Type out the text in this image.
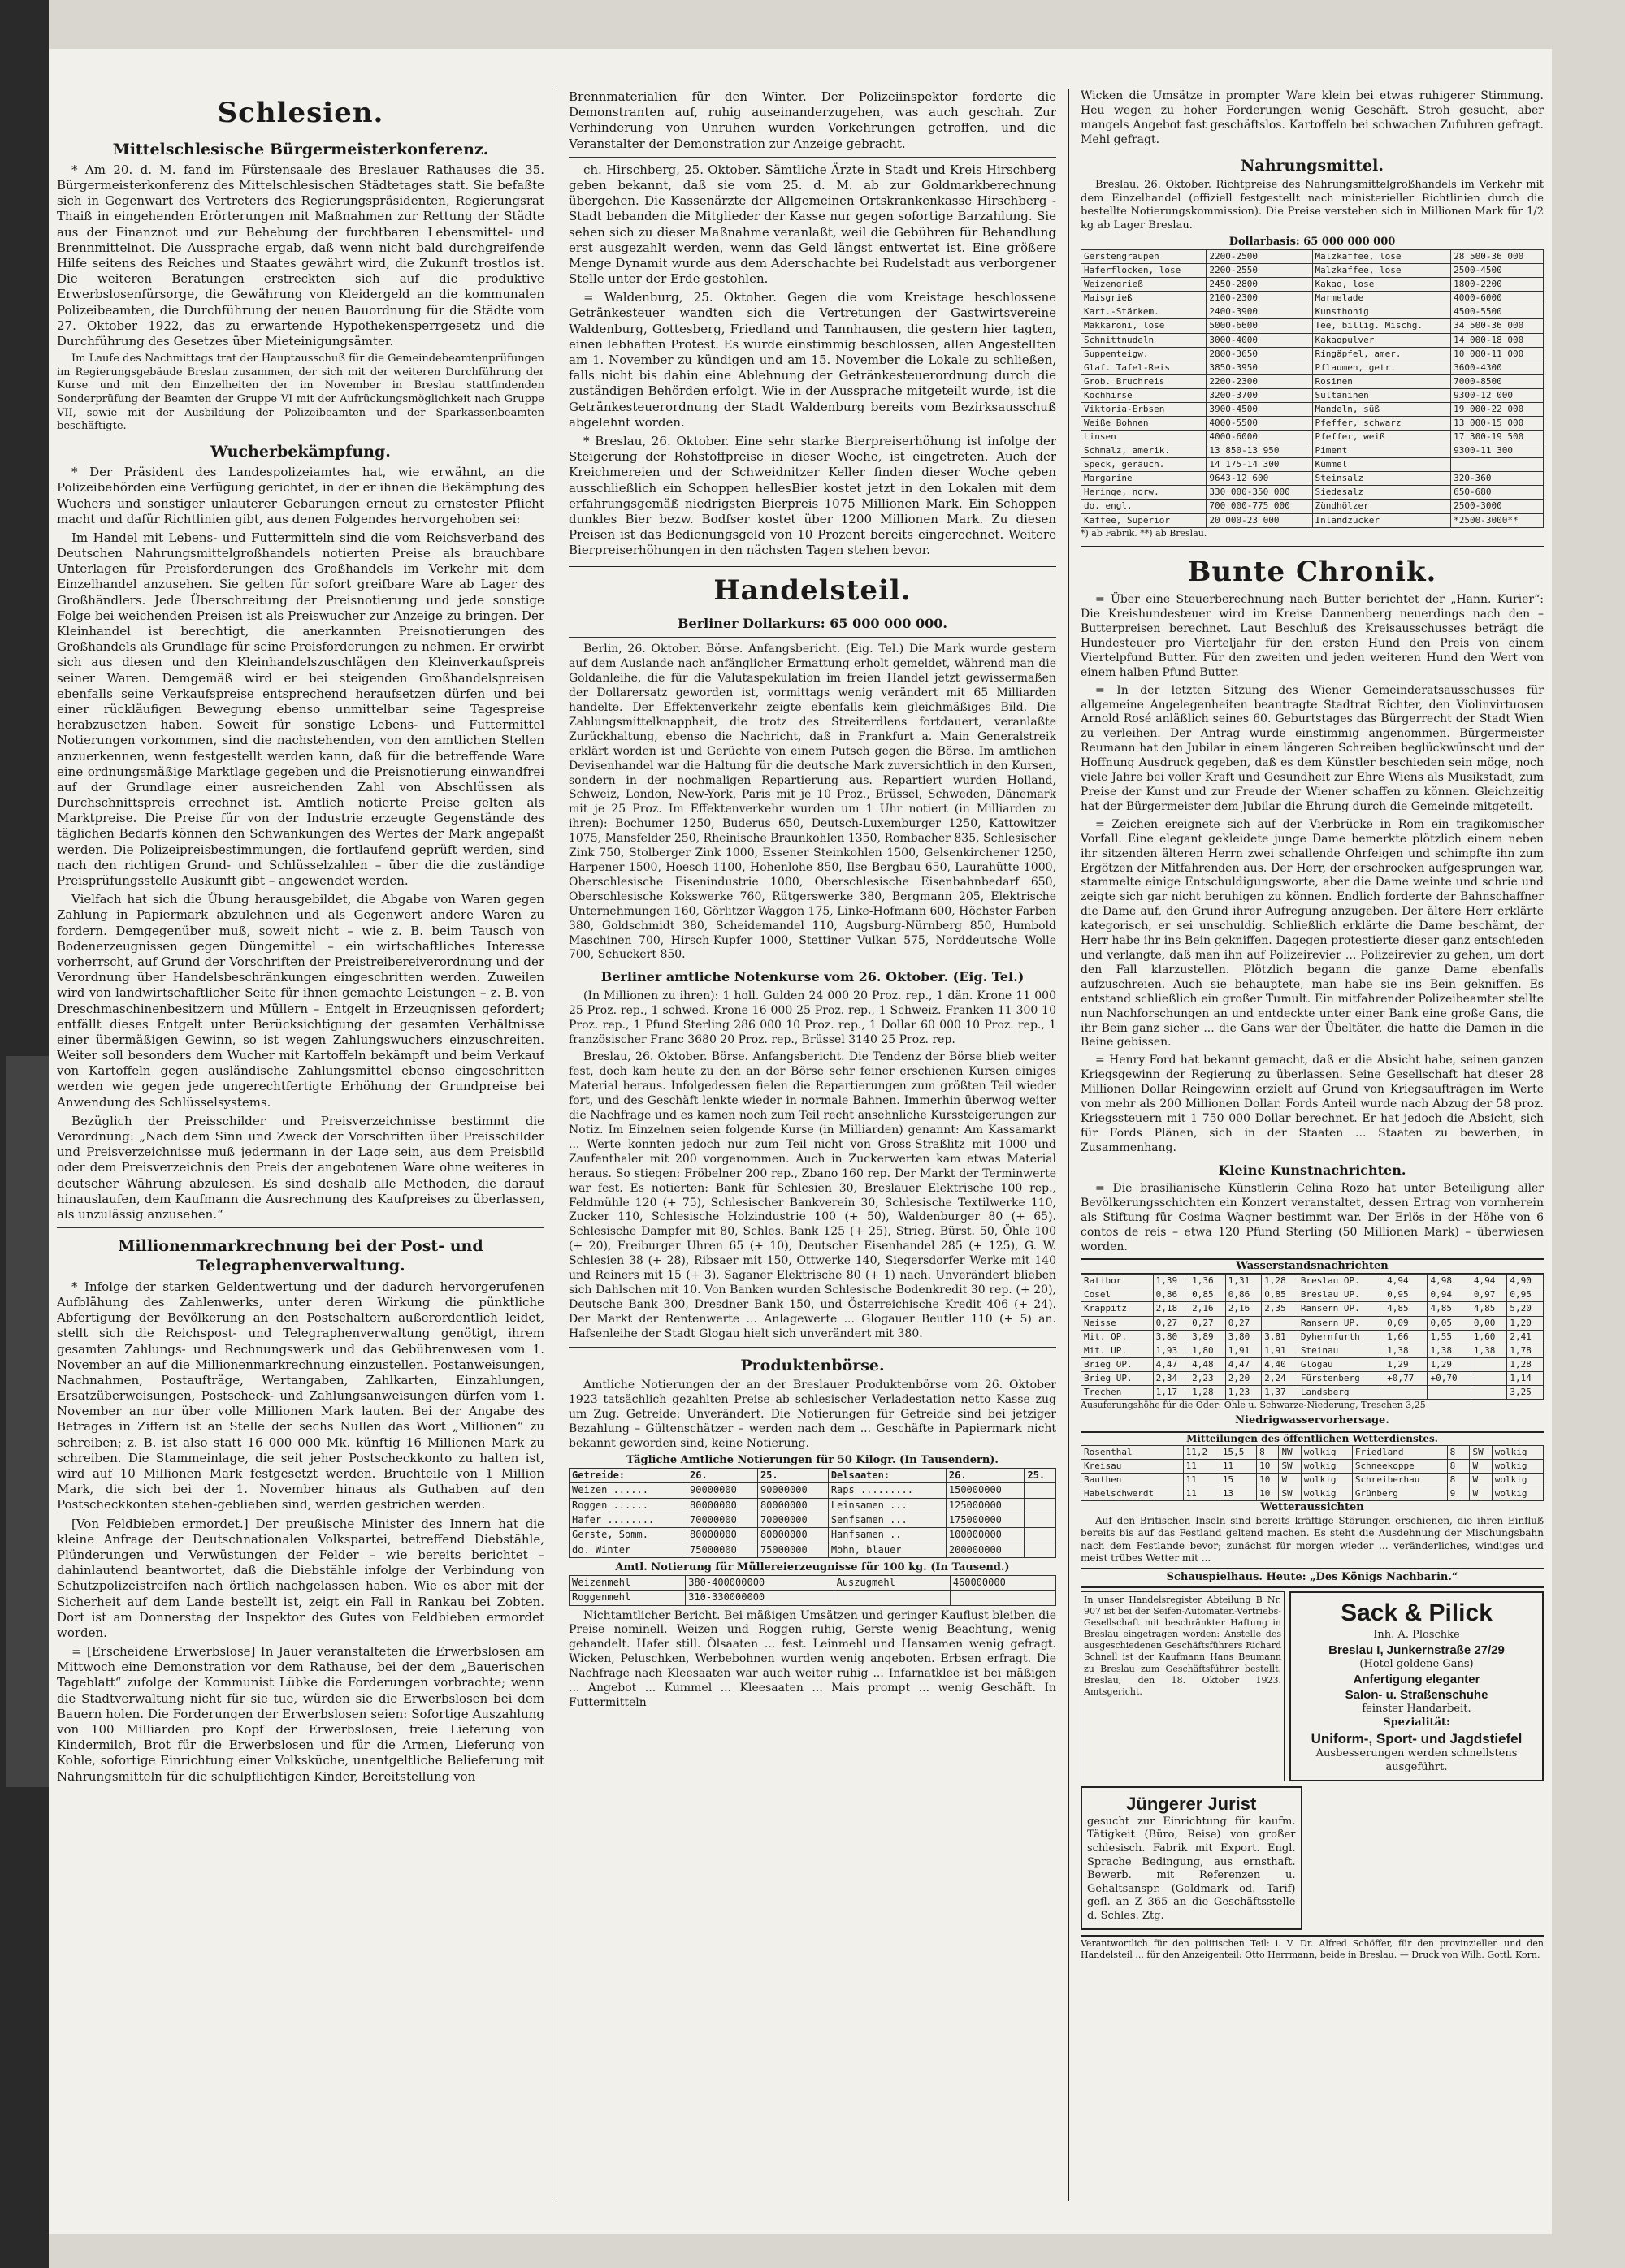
Schlesien.
Mittelschlesische Bürgermeisterkonferenz.

* Am 20. d. M. fand im Fürstensaale des Breslauer Rathauses die 35. Bürgermeisterkonferenz des Mittelschlesischen Städtetages statt. Sie befaßte sich in Gegenwart des Vertreters des Regierungspräsidenten, Regierungsrat Thaiß in eingehenden Erörterungen mit Maßnahmen zur Rettung der Städte aus der Finanznot und zur Behebung der furchtbaren Lebensmittel- und Brennmittelnot. Die Aussprache ergab, daß wenn nicht bald durchgreifende Hilfe seitens des Reiches und Staates gewährt wird, die Zukunft trostlos ist. Die weiteren Beratungen erstreckten sich auf die produktive Erwerbslosenfürsorge, die Gewährung von Kleidergeld an die kommunalen Polizeibeamten, die Durchführung der neuen Bauordnung für die Städte vom 27. Oktober 1922, das zu erwartende Hypothekensperrgesetz und die Durchführung des Gesetzes über Mieteinigungsämter.

Im Laufe des Nachmittags trat der Hauptausschuß für die Gemeindebeamtenprüfungen im Regierungsgebäude Breslau zusammen, der sich mit der weiteren Durchführung der Kurse und mit den Einzelheiten der im November in Breslau stattfindenden Sonderprüfung der Beamten der Gruppe VI mit der Aufrückungsmöglichkeit nach Gruppe VII, sowie mit der Ausbildung der Polizeibeamten und der Sparkassenbeamten beschäftigte.

Wucherbekämpfung.

* Der Präsident des Landespolizeiamtes hat, wie erwähnt, an die Polizeibehörden eine Verfügung gerichtet, in der er ihnen die Bekämpfung des Wuchers und sonstiger unlauterer Gebarungen erneut zu ernstester Pflicht macht und dafür Richtlinien gibt, aus denen Folgendes hervorgehoben sei:

Im Handel mit Lebens- und Futtermitteln sind die vom Reichsverband des Deutschen Nahrungsmittelgroßhandels notierten Preise als brauchbare Unterlagen für Preisforderungen des Großhandels im Verkehr mit dem Einzelhandel anzusehen. Sie gelten für sofort greifbare Ware ab Lager des Großhändlers. Jede Überschreitung der Preisnotierung und jede sonstige Folge bei weichenden Preisen ist als Preiswucher zur Anzeige zu bringen. Der Kleinhandel ist berechtigt, die anerkannten Preisnotierungen des Großhandels als Grundlage für seine Preisforderungen zu nehmen. Er erwirbt sich aus diesen und den Kleinhandelszuschlägen den Kleinverkaufspreis seiner Waren. Demgemäß wird er bei steigenden Großhandelspreisen ebenfalls seine Verkaufspreise entsprechend heraufsetzen dürfen und bei einer rückläufigen Bewegung ebenso unmittelbar seine Tagespreise herabzusetzen haben. Soweit für sonstige Lebens- und Futtermittel Notierungen vorkommen, sind die nachstehenden, von den amtlichen Stellen anzuerkennen, wenn festgestellt werden kann, daß für die betreffende Ware eine ordnungsmäßige Marktlage gegeben und die Preisnotierung einwandfrei auf der Grundlage einer ausreichenden Zahl von Abschlüssen als Durchschnittspreis errechnet ist. Amtlich notierte Preise gelten als Marktpreise. Die Preise für von der Industrie erzeugte Gegenstände des täglichen Bedarfs können den Schwankungen des Wertes der Mark angepaßt werden. Die Polizeipreisbestimmungen, die fortlaufend geprüft werden, sind nach den richtigen Grund- und Schlüsselzahlen – über die die zuständige Preisprüfungsstelle Auskunft gibt – angewendet werden.

Vielfach hat sich die Übung herausgebildet, die Abgabe von Waren gegen Zahlung in Papiermark abzulehnen und als Gegenwert andere Waren zu fordern. Demgegenüber muß, soweit nicht – wie z. B. beim Tausch von Bodenerzeugnissen gegen Düngemittel – ein wirtschaftliches Interesse vorherrscht, auf Grund der Vorschriften der Preistreibereiverordnung und der Verordnung über Handelsbeschränkungen eingeschritten werden. Zuweilen wird von landwirtschaftlicher Seite für ihnen gemachte Leistungen – z. B. von Dreschmaschinenbesitzern und Müllern – Entgelt in Erzeugnissen gefordert; entfällt dieses Entgelt unter Berücksichtigung der gesamten Verhältnisse einer übermäßigen Gewinn, so ist wegen Zahlungswuchers einzuschreiten. Weiter soll besonders dem Wucher mit Kartoffeln bekämpft und beim Verkauf von Kartoffeln gegen ausländische Zahlungsmittel ebenso eingeschritten werden wie gegen jede ungerechtfertigte Erhöhung der Grundpreise bei Anwendung des Schlüsselsystems.

Bezüglich der Preisschilder und Preisverzeichnisse bestimmt die Verordnung: „Nach dem Sinn und Zweck der Vorschriften über Preisschilder und Preisverzeichnisse muß jedermann in der Lage sein, aus dem Preisbild oder dem Preisverzeichnis den Preis der angebotenen Ware ohne weiteres in deutscher Währung abzulesen. Es sind deshalb alle Methoden, die darauf hinauslaufen, dem Kaufmann die Ausrechnung des Kaufpreises zu überlassen, als unzulässig anzusehen.“

Millionenmarkrechnung bei der Post- und Telegraphenverwaltung.

* Infolge der starken Geldentwertung und der dadurch hervorgerufenen Aufblähung des Zahlenwerks, unter deren Wirkung die pünktliche Abfertigung der Bevölkerung an den Postschaltern außerordentlich leidet, stellt sich die Reichspost- und Telegraphenverwaltung genötigt, ihrem gesamten Zahlungs- und Rechnungswerk und das Gebührenwesen vom 1. November an auf die Millionenmarkrechnung einzustellen. Postanweisungen, Nachnahmen, Postaufträge, Wertangaben, Zahlkarten, Einzahlungen, Ersatzüberweisungen, Postscheck- und Zahlungsanweisungen dürfen vom 1. November an nur über volle Millionen Mark lauten. Bei der Angabe des Betrages in Ziffern ist an Stelle der sechs Nullen das Wort „Millionen“ zu schreiben; z. B. ist also statt 16 000 000 Mk. künftig 16 Millionen Mark zu schreiben. Die Stammeinlage, die seit jeher Postscheckkonto zu halten ist, wird auf 10 Millionen Mark festgesetzt werden. Bruchteile von 1 Million Mark, die sich bei der 1. November hinaus als Guthaben auf den Postscheckkonten stehen-geblieben sind, werden gestrichen werden.

[Von Feldbieben ermordet.] Der preußische Minister des Innern hat die kleine Anfrage der Deutschnationalen Volkspartei, betreffend Diebstähle, Plünderungen und Verwüstungen der Felder – wie bereits berichtet – dahinlautend beantwortet, daß die Diebstähle infolge der Verbindung von Schutzpolizeistreifen nach örtlich nachgelassen haben. Wie es aber mit der Sicherheit auf dem Lande bestellt ist, zeigt ein Fall in Rankau bei Zobten. Dort ist am Donnerstag der Inspektor des Gutes von Feldbieben ermordet worden.

= [Erscheidene Erwerbslose] In Jauer veranstalteten die Erwerbslosen am Mittwoch eine Demonstration vor dem Rathause, bei der dem „Bauerischen Tageblatt“ zufolge der Kommunist Lübke die Forderungen vorbrachte; wenn die Stadtverwaltung nicht für sie tue, würden sie die Erwerbslosen bei dem Bauern holen. Die Forderungen der Erwerbslosen seien: Sofortige Auszahlung von 100 Milliarden pro Kopf der Erwerbslosen, freie Lieferung von Kindermilch, Brot für die Erwerbslosen und für die Armen, Lieferung von Kohle, sofortige Einrichtung einer Volksküche, unentgeltliche Belieferung mit Nahrungsmitteln für die schulpflichtigen Kinder, Bereitstellung von

Brennmaterialien für den Winter. Der Polizeiinspektor forderte die Demonstranten auf, ruhig auseinanderzugehen, was auch geschah. Zur Verhinderung von Unruhen wurden Vorkehrungen getroffen, und die Veranstalter der Demonstration zur Anzeige gebracht.

ch. Hirschberg, 25. Oktober. Sämtliche Ärzte in Stadt und Kreis Hirschberg geben bekannt, daß sie vom 25. d. M. ab zur Goldmarkberechnung übergehen. Die Kassenärzte der Allgemeinen Ortskrankenkasse Hirschberg - Stadt bebanden die Mitglieder der Kasse nur gegen sofortige Barzahlung. Sie sehen sich zu dieser Maßnahme veranlaßt, weil die Gebühren für Behandlung erst ausgezahlt werden, wenn das Geld längst entwertet ist. Eine größere Menge Dynamit wurde aus dem Aderschachte bei Rudelstadt aus verborgener Stelle unter der Erde gestohlen.

= Waldenburg, 25. Oktober. Gegen die vom Kreistage beschlossene Getränkesteuer wandten sich die Vertretungen der Gastwirtsvereine Waldenburg, Gottesberg, Friedland und Tannhausen, die gestern hier tagten, einen lebhaften Protest. Es wurde einstimmig beschlossen, allen Angestellten am 1. November zu kündigen und am 15. November die Lokale zu schließen, falls nicht bis dahin eine Ablehnung der Getränkesteuerordnung durch die zuständigen Behörden erfolgt. Wie in der Aussprache mitgeteilt wurde, ist die Getränkesteuerordnung der Stadt Waldenburg bereits vom Bezirksausschuß abgelehnt worden.

* Breslau, 26. Oktober. Eine sehr starke Bierpreiserhöhung ist infolge der Steigerung der Rohstoffpreise in dieser Woche, ist eingetreten. Auch der Kreichmereien und der Schweidnitzer Keller finden dieser Woche geben ausschließlich ein Schoppen hellesBier kostet jetzt in den Lokalen mit dem erfahrungsgemäß niedrigsten Bierpreis 1075 Millionen Mark. Ein Schoppen dunkles Bier bezw. Bodfser kostet über 1200 Millionen Mark. Zu diesen Preisen ist das Bedienungsgeld von 10 Prozent bereits eingerechnet. Weitere Bierpreiserhöhungen in den nächsten Tagen stehen bevor.

Handelsteil.
Berliner Dollarkurs: 65 000 000 000.

Berlin, 26. Oktober. Börse. Anfangsbericht. (Eig. Tel.) Die Mark wurde gestern auf dem Auslande nach anfänglicher Ermattung erholt gemeldet, während man die Goldanleihe, die für die Valutaspekulation im freien Handel jetzt gewissermaßen der Dollarersatz geworden ist, vormittags wenig verändert mit 65 Milliarden handelte. Der Effektenverkehr zeigte ebenfalls kein gleichmäßiges Bild. Die Zahlungsmittelknappheit, die trotz des Streiterdlens fortdauert, veranlaßte Zurückhaltung, ebenso die Nachricht, daß in Frankfurt a. Main Generalstreik erklärt worden ist und Gerüchte von einem Putsch gegen die Börse. Im amtlichen Devisenhandel war die Haltung für die deutsche Mark zuversichtlich in den Kursen, sondern in der nochmaligen Repartierung aus. Repartiert wurden Holland, Schweiz, London, New-York, Paris mit je 10 Proz., Brüssel, Schweden, Dänemark mit je 25 Proz. Im Effektenverkehr wurden um 1 Uhr notiert (in Milliarden zu ihren): Bochumer 1250, Buderus 650, Deutsch-Luxemburger 1250, Kattowitzer 1075, Mansfelder 250, Rheinische Braunkohlen 1350, Rombacher 835, Schlesischer Zink 750, Stolberger Zink 1000, Essener Steinkohlen 1500, Gelsenkirchener 1250, Harpener 1500, Hoesch 1100, Hohenlohe 850, Ilse Bergbau 650, Laurahütte 1000, Oberschlesische Eisenindustrie 1000, Oberschlesische Eisenbahnbedarf 650, Oberschlesische Kokswerke 760, Rütgerswerke 380, Bergmann 205, Elektrische Unternehmungen 160, Görlitzer Waggon 175, Linke-Hofmann 600, Höchster Farben 380, Goldschmidt 380, Scheidemandel 110, Augsburg-Nürnberg 850, Humbold Maschinen 700, Hirsch-Kupfer 1000, Stettiner Vulkan 575, Norddeutsche Wolle 700, Schuckert 850.

Berliner amtliche Notenkurse vom 26. Oktober. (Eig. Tel.)

(In Millionen zu ihren): 1 holl. Gulden 24 000 20 Proz. rep., 1 dän. Krone 11 000 25 Proz. rep., 1 schwed. Krone 16 000 25 Proz. rep., 1 Schweiz. Franken 11 300 10 Proz. rep., 1 Pfund Sterling 286 000 10 Proz. rep., 1 Dollar 60 000 10 Proz. rep., 1 französischer Franc 3680 20 Proz. rep., Brüssel 3140 25 Proz. rep.

Breslau, 26. Oktober. Börse. Anfangsbericht. Die Tendenz der Börse blieb weiter fest, doch kam heute zu den an der Börse sehr feiner erschienen Kursen einiges Material heraus. Infolgedessen fielen die Repartierungen zum größten Teil wieder fort, und des Geschäft lenkte wieder in normale Bahnen. Immerhin überwog weiter die Nachfrage und es kamen noch zum Teil recht ansehnliche Kurssteigerungen zur Notiz. Im Einzelnen seien folgende Kurse (in Milliarden) genannt: Am Kassamarkt ... Werte konnten jedoch nur zum Teil nicht von Gross-Straßlitz mit 1000 und Zaufenthaler mit 200 vorgenommen. Auch in Zuckerwerten kam etwas Material heraus. So stiegen: Fröbelner 200 rep., Zbano 160 rep. Der Markt der Terminwerte war fest. Es notierten: Bank für Schlesien 30, Breslauer Elektrische 100 rep., Feldmühle 120 (+ 75), Schlesischer Bankverein 30, Schlesische Textilwerke 110, Zucker 110, Schlesische Holzindustrie 100 (+ 50), Waldenburger 80 (+ 65). Schlesische Dampfer mit 80, Schles. Bank 125 (+ 25), Strieg. Bürst. 50, Öhle 100 (+ 20), Freiburger Uhren 65 (+ 10), Deutscher Eisenhandel 285 (+ 125), G. W. Schlesien 38 (+ 28), Ribsaer mit 150, Ottwerke 140, Siegersdorfer Werke mit 140 und Reiners mit 15 (+ 3), Saganer Elektrische 80 (+ 1) nach. Unverändert blieben sich Dahlschen mit 10. Von Banken wurden Schlesische Bodenkredit 30 rep. (+ 20), Deutsche Bank 300, Dresdner Bank 150, und Österreichische Kredit 406 (+ 24). Der Markt der Rentenwerte ... Anlagewerte ... Glogauer Beutler 110 (+ 5) an. Hafsenleihe der Stadt Glogau hielt sich unverändert mit 380.

Produktenbörse.

Amtliche Notierungen der an der Breslauer Produktenbörse vom 26. Oktober 1923 tatsächlich gezahlten Preise ab schlesischer Verladestation netto Kasse zug um Zug. Getreide: Unverändert. Die Notierungen für Getreide sind bei jetziger Bezahlung – Gültenschätzer – werden nach dem ... Geschäfte in Papiermark nicht bekannt geworden sind, keine Notierung.

Tägliche Amtliche Notierungen für 50 Kilogr. (In Tausendern).
Getreide:	26.	25.	Delsaaten:	26.	25.
Weizen ......	90000000	90000000	Raps .........	150000000	
Roggen ......	80000000	80000000	Leinsamen ...	125000000	
Hafer ........	70000000	70000000	Senfsamen ...	175000000	
Gerste, Somm.	80000000	80000000	Hanfsamen ..	100000000	
do. Winter	75000000	75000000	Mohn, blauer	200000000	
Amtl. Notierung für Müllereierzeugnisse für 100 kg. (In Tausend.)
Weizenmehl	380-400000000	Auszugmehl	460000000
Roggenmehl	310-330000000		

Nichtamtlicher Bericht. Bei mäßigen Umsätzen und geringer Kauflust bleiben die Preise nominell. Weizen und Roggen ruhig, Gerste wenig Beachtung, wenig gehandelt. Hafer still. Ölsaaten ... fest. Leinmehl und Hansamen wenig gefragt. Wicken, Peluschken, Werbebohnen wurden wenig angeboten. Erbsen erfragt. Die Nachfrage nach Kleesaaten war auch weiter ruhig ... Infarnatklee ist bei mäßigen ... Angebot ... Kummel ... Kleesaaten ... Mais prompt ... wenig Geschäft. In Futtermitteln

Wicken die Umsätze in prompter Ware klein bei etwas ruhigerer Stimmung. Heu wegen zu hoher Forderungen wenig Geschäft. Stroh gesucht, aber mangels Angebot fast geschäftslos. Kartoffeln bei schwachen Zufuhren gefragt. Mehl gefragt.

Nahrungsmittel.

Breslau, 26. Oktober. Richtpreise des Nahrungsmittelgroßhandels im Verkehr mit dem Einzelhandel (offiziell festgestellt nach ministerieller Richtlinien durch die bestellte Notierungskommission). Die Preise verstehen sich in Millionen Mark für 1/2 kg ab Lager Breslau.

Dollarbasis: 65 000 000 000
Gerstengraupen	2200-2500	Malzkaffee, lose	28 500-36 000
Haferflocken, lose	2200-2550	Malzkaffee, lose	2500-4500
Weizengrieß	2450-2800	Kakao, lose	1800-2200
Maisgrieß	2100-2300	Marmelade	4000-6000
Kart.-Stärkem.	2400-3900	Kunsthonig	4500-5500
Makkaroni, lose	5000-6600	Tee, billig. Mischg.	34 500-36 000
Schnittnudeln	3000-4000	Kakaopulver	14 000-18 000
Suppenteigw.	2800-3650	Ringäpfel, amer.	10 000-11 000
Glaf. Tafel-Reis	3850-3950	Pflaumen, getr.	3600-4300
Grob. Bruchreis	2200-2300	Rosinen	7000-8500
Kochhirse	3200-3700	Sultaninen	9300-12 000
Viktoria-Erbsen	3900-4500	Mandeln, süß	19 000-22 000
Weiße Bohnen	4000-5500	Pfeffer, schwarz	13 000-15 000
Linsen	4000-6000	Pfeffer, weiß	17 300-19 500
Schmalz, amerik.	13 850-13 950	Piment	9300-11 300
Speck, geräuch.	14 175-14 300	Kümmel	
Margarine	9643-12 600	Steinsalz	320-360
Heringe, norw.	330 000-350 000	Siedesalz	650-680
do. engl.	700 000-775 000	Zündhölzer	2500-3000
Kaffee, Superior	20 000-23 000	Inlandzucker	*2500-3000**
*) ab Fabrik. **) ab Breslau.
Bunte Chronik.

= Über eine Steuerberechnung nach Butter berichtet der „Hann. Kurier“: Die Kreishundesteuer wird im Kreise Dannenberg neuerdings nach den – Butterpreisen berechnet. Laut Beschluß des Kreisausschusses beträgt die Hundesteuer pro Vierteljahr für den ersten Hund den Preis von einem Viertelpfund Butter. Für den zweiten und jeden weiteren Hund den Wert von einem halben Pfund Butter.

= In der letzten Sitzung des Wiener Gemeinderatsausschusses für allgemeine Angelegenheiten beantragte Stadtrat Richter, den Violinvirtuosen Arnold Rosé anläßlich seines 60. Geburtstages das Bürgerrecht der Stadt Wien zu verleihen. Der Antrag wurde einstimmig angenommen. Bürgermeister Reumann hat den Jubilar in einem längeren Schreiben beglückwünscht und der Hoffnung Ausdruck gegeben, daß es dem Künstler beschieden sein möge, noch viele Jahre bei voller Kraft und Gesundheit zur Ehre Wiens als Musikstadt, zum Preise der Kunst und zur Freude der Wiener schaffen zu können. Gleichzeitig hat der Bürgermeister dem Jubilar die Ehrung durch die Gemeinde mitgeteilt.

= Zeichen ereignete sich auf der Vierbrücke in Rom ein tragikomischer Vorfall. Eine elegant gekleidete junge Dame bemerkte plötzlich einem neben ihr sitzenden älteren Herrn zwei schallende Ohrfeigen und schimpfte ihn zum Ergötzen der Mitfahrenden aus. Der Herr, der erschrocken aufgesprungen war, stammelte einige Entschuldigungsworte, aber die Dame weinte und schrie und zeigte sich gar nicht beruhigen zu können. Endlich forderte der Bahnschaffner die Dame auf, den Grund ihrer Aufregung anzugeben. Der ältere Herr erklärte kategorisch, er sei unschuldig. Schließlich erklärte die Dame beschämt, der Herr habe ihr ins Bein gekniffen. Dagegen protestierte dieser ganz entschieden und verlangte, daß man ihn auf Polizeirevier ... Polizeirevier zu gehen, um dort den Fall klarzustellen. Plötzlich begann die ganze Dame ebenfalls aufzuschreien. Auch sie behauptete, man habe sie ins Bein gekniffen. Es entstand schließlich ein großer Tumult. Ein mitfahrender Polizeibeamter stellte nun Nachforschungen an und entdeckte unter einer Bank eine große Gans, die ihr Bein ganz sicher ... die Gans war der Übeltäter, die hatte die Damen in die Beine gebissen.

= Henry Ford hat bekannt gemacht, daß er die Absicht habe, seinen ganzen Kriegsgewinn der Regierung zu überlassen. Seine Gesellschaft hat dieser 28 Millionen Dollar Reingewinn erzielt auf Grund von Kriegsaufträgen im Werte von mehr als 200 Millionen Dollar. Fords Anteil wurde nach Abzug der 58 proz. Kriegssteuern mit 1 750 000 Dollar berechnet. Er hat jedoch die Absicht, sich für Fords Plänen, sich in der Staaten ... Staaten zu bewerben, in Zusammenhang.

Kleine Kunstnachrichten.

= Die brasilianische Künstlerin Celina Rozo hat unter Beteiligung aller Bevölkerungsschichten ein Konzert veranstaltet, dessen Ertrag von vornherein als Stiftung für Cosima Wagner bestimmt war. Der Erlös in der Höhe von 6 contos de reis – etwa 120 Pfund Sterling (50 Millionen Mark) – überwiesen worden.

Wasserstandsnachrichten
Ratibor	1,39	1,36	1,31	1,28	Breslau OP.	4,94	4,98	4,94	4,90
Cosel	0,86	0,85	0,86	0,85	Breslau UP.	0,95	0,94	0,97	0,95
Krappitz	2,18	2,16	2,16	2,35	Ransern OP.	4,85	4,85	4,85	5,20
Neisse	0,27	0,27	0,27		Ransern UP.	0,09	0,05	0,00	1,20
Mit. OP.	3,80	3,89	3,80	3,81	Dyhernfurth	1,66	1,55	1,60	2,41
Mit. UP.	1,93	1,80	1,91	1,91	Steinau	1,38	1,38	1,38	1,78
Brieg OP.	4,47	4,48	4,47	4,40	Glogau	1,29	1,29		1,28
Brieg UP.	2,34	2,23	2,20	2,24	Fürstenberg	+0,77	+0,70		1,14
Trechen	1,17	1,28	1,23	1,37	Landsberg				3,25
Ausuferungshöhe für die Oder: Ohle u. Schwarze-Niederung, Treschen 3,25
Niedrigwasservorhersage.
Mitteilungen des öffentlichen Wetterdienstes.
Rosenthal	11,2	15,5	8	NW	wolkig	Friedland	8		SW	wolkig
Kreisau	11	11	10	SW	wolkig	Schneekoppe	8		W	wolkig
Bauthen	11	15	10	W	wolkig	Schreiberhau	8		W	wolkig
Habelschwerdt	11	13	10	SW	wolkig	Grünberg	9		W	wolkig
Wetteraussichten

Auf den Britischen Inseln sind bereits kräftige Störungen erschienen, die ihren Einfluß bereits bis auf das Festland geltend machen. Es steht die Ausdehnung der Mischungsbahn nach dem Festlande bevor; zunächst für morgen wieder ... veränderliches, windiges und meist trübes Wetter mit ...

Schauspielhaus. Heute: „Des Königs Nachbarin.“
In unser Handelsregister Abteilung B Nr. 907 ist bei der Seifen-Automaten-Vertriebs-Gesellschaft mit beschränkter Haftung in Breslau eingetragen worden: Anstelle des ausgeschiedenen Geschäftsführers Richard Schnell ist der Kaufmann Hans Beumann zu Breslau zum Geschäftsführer bestellt. Breslau, den 18. Oktober 1923. Amtsgericht.
Sack & Pilick
Inh. A. Ploschke
Breslau I, Junkernstraße 27/29
(Hotel goldene Gans)
Anfertigung eleganter
Salon- u. Straßenschuhe
feinster Handarbeit.
Spezialität:
Uniform-, Sport- und Jagdstiefel
Ausbesserungen werden schnellstens ausgeführt.
Jüngerer Jurist
gesucht zur Einrichtung für kaufm. Tätigkeit (Büro, Reise) von großer schlesisch. Fabrik mit Export. Engl. Sprache Bedingung, aus ernsthaft. Bewerb. mit Referenzen u. Gehaltsanspr. (Goldmark od. Tarif) gefl. an Z 365 an die Geschäftsstelle d. Schles. Ztg.
Verantwortlich für den politischen Teil: i. V. Dr. Alfred Schöffer, für den provinziellen und den Handelsteil ... für den Anzeigenteil: Otto Herrmann, beide in Breslau. — Druck von Wilh. Gottl. Korn.
